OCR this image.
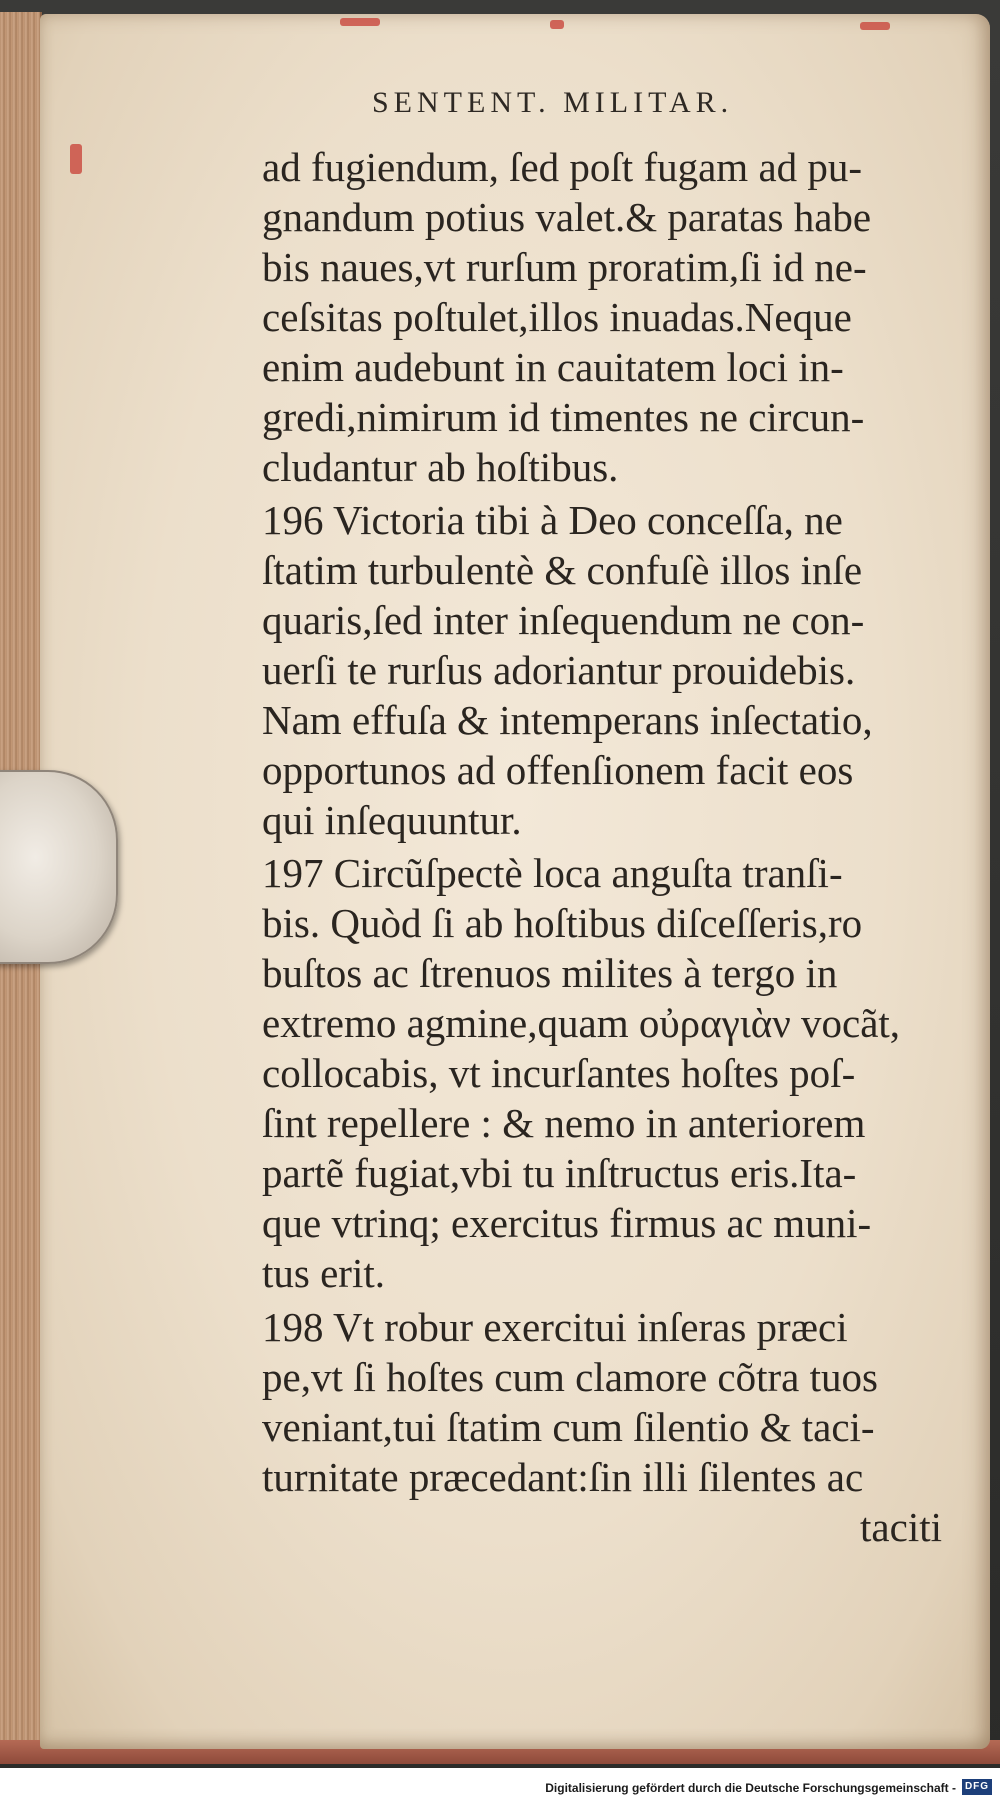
SENTENT. MILITAR.
ad fugiendum, ſed poſt fugam ad pu-
gnandum potius valet.& paratas habe
bis naues,vt rurſum proratim,ſi id ne-
ceſsitas poſtulet,illos inuadas.Neque
enim audebunt in cauitatem loci in-
gredi,nimirum id timentes ne circun-
cludantur ab hoſtibus.
196 Victoria tibi à Deo conceſſa, ne
ſtatim turbulentè & confuſè illos inſe
quaris,ſed inter inſequendum ne con-
uerſi te rurſus adoriantur prouidebis.
Nam effuſa & intemperans inſectatio,
opportunos ad offenſionem facit eos
qui inſequuntur.
197 Circũſpectè loca anguſta tranſi-
bis. Quòd ſi ab hoſtibus diſceſſeris,ro
buſtos ac ſtrenuos milites à tergo in
extremo agmine,quam οὐραγιὰν vocãt,
collocabis, vt incurſantes hoſtes poſ-
ſint repellere : & nemo in anteriorem
partẽ fugiat,vbi tu inſtructus eris.Ita-
que vtrinq; exercitus firmus ac muni-
tus erit.
198 Vt robur exercitui inſeras præci
pe,vt ſi hoſtes cum clamore cõtra tuos
veniant,tui ſtatim cum ſilentio & taci-
turnitate præcedant:ſin illi ſilentes ac
taciti
Digitalisierung gefördert durch die Deutsche Forschungsgemeinschaft - DFG
